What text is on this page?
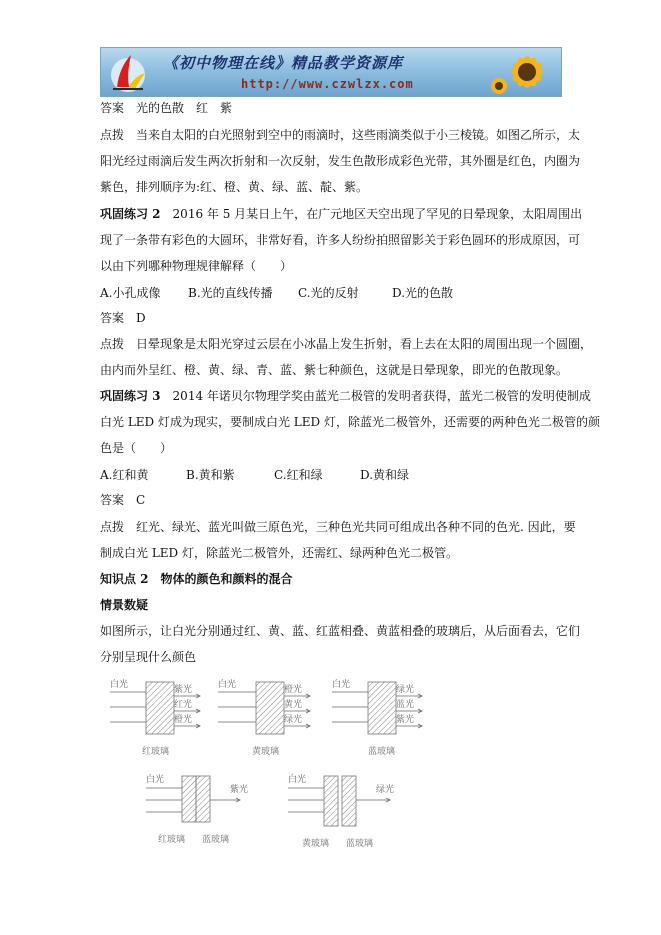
《初中物理在线》精品教学资源库
http://www.czwlzx.com
答案　光的色散　红　紫
点拨　当来自太阳的白光照射到空中的雨滴时，这些雨滴类似于小三棱镜。如图乙所示，太
阳光经过雨滴后发生两次折射和一次反射，发生色散形成彩色光带，其外圈是红色，内圈为
紫色，排列顺序为:红、橙、黄、绿、蓝、靛、紫。
巩固练习 2　 2016 年 5 月某日上午，在广元地区天空出现了罕见的日晕现象，太阳周围出
现了一条带有彩色的大圆环，非常好看，许多人纷纷拍照留影关于彩色圆环的形成原因，可
以由下列哪种物理规律解释（　　）
A.小孔成像 B.光的直线传播 C.光的反射	D.光的色散
答案　D
点拨　日晕现象是太阳光穿过云层在小冰晶上发生折射，看上去在太阳的周围出现一个圆圈，
由内而外呈红、橙、黄、绿、青、蓝、紫七种颜色，这就是日晕现象，即光的色散现象。
巩固练习 3　 2014 年诺贝尔物理学奖由蓝光二极管的发明者获得，蓝光二极管的发明使制成
白光 LED 灯成为现实，要制成白光 LED 灯，除蓝光二极管外，还需要的两种色光二极管的颜
色是（　　）
A.红和黄	B.黄和紫	C.红和绿	D.黄和绿
答案　C
点拨　红光、绿光、蓝光叫做三原色光，三种色光共同可组成出各种不同的色光. 因此，要
制成白光 LED 灯，除蓝光二极管外，还需红、绿两种色光二极管。
知识点 2　物体的颜色和颜料的混合
情景数疑
如图所示，让白光分别通过红、黄、蓝、红蓝相叠、黄蓝相叠的玻璃后，从后面看去，它们
分别呈现什么颜色
白光	紫光
红光
橙光
红玻璃
白光	橙光
黄光
绿光
黄玻璃
白光	绿光
蓝光
紫光
蓝玻璃
白光
紫光
红玻璃 蓝玻璃
白光
绿光
黄玻璃 蓝玻璃
